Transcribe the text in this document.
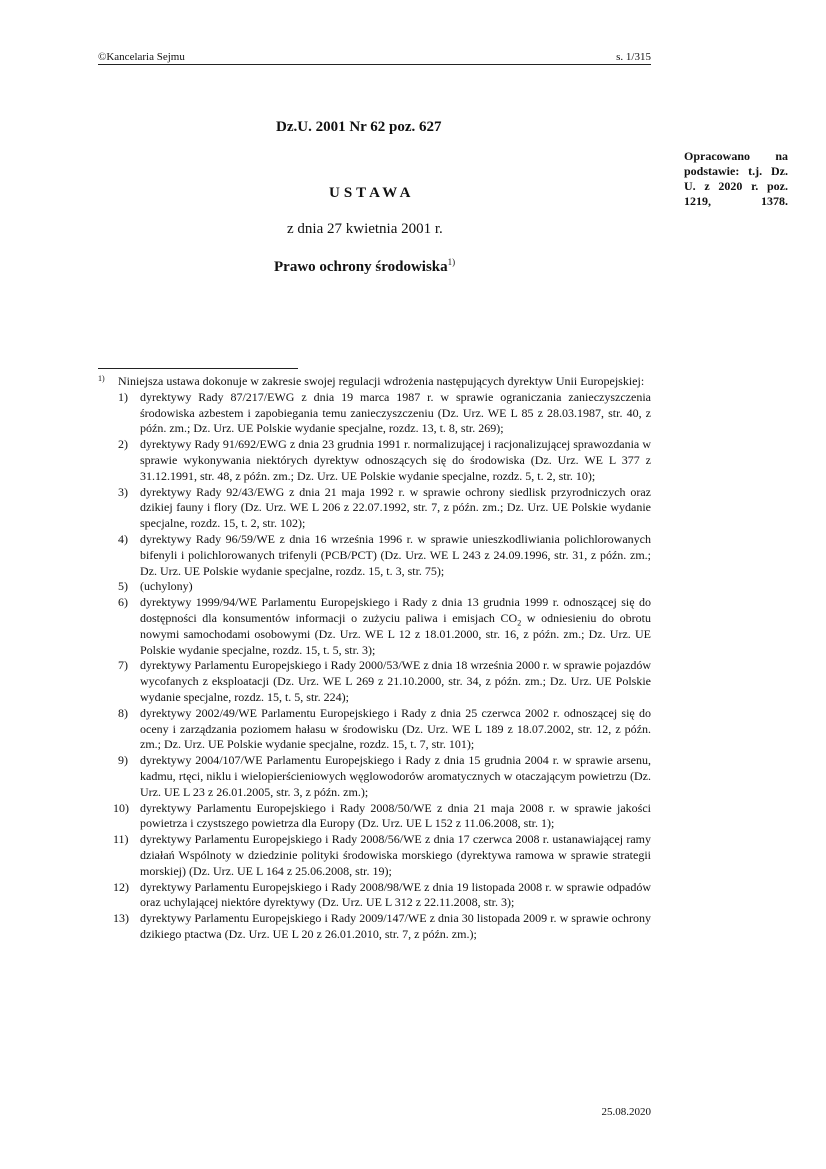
©Kancelaria Sejmu	s. 1/315
Dz.U. 2001 Nr 62 poz. 627
Opracowano na podstawie: t.j. Dz. U. z 2020 r. poz. 1219, 1378.
USTAWA
z dnia 27 kwietnia 2001 r.
Prawo ochrony środowiska$^{1)}$
1) Niniejsza ustawa dokonuje w zakresie swojej regulacji wdrożenia następujących dyrektyw Unii Europejskiej:
1) dyrektywy Rady 87/217/EWG z dnia 19 marca 1987 r. w sprawie ograniczania zanieczyszczenia środowiska azbestem i zapobiegania temu zanieczyszczeniu (Dz. Urz. WE L 85 z 28.03.1987, str. 40, z późn. zm.; Dz. Urz. UE Polskie wydanie specjalne, rozdz. 13, t. 8, str. 269);
2) dyrektywy Rady 91/692/EWG z dnia 23 grudnia 1991 r. normalizującej i racjonalizującej sprawozdania w sprawie wykonywania niektórych dyrektyw odnoszących się do środowiska (Dz. Urz. WE L 377 z 31.12.1991, str. 48, z późn. zm.; Dz. Urz. UE Polskie wydanie specjalne, rozdz. 5, t. 2, str. 10);
3) dyrektywy Rady 92/43/EWG z dnia 21 maja 1992 r. w sprawie ochrony siedlisk przyrodniczych oraz dzikiej fauny i flory (Dz. Urz. WE L 206 z 22.07.1992, str. 7, z późn. zm.; Dz. Urz. UE Polskie wydanie specjalne, rozdz. 15, t. 2, str. 102);
4) dyrektywy Rady 96/59/WE z dnia 16 września 1996 r. w sprawie unieszkodliwiania polichlorowanych bifenyli i polichlorowanych trifenyli (PCB/PCT) (Dz. Urz. WE L 243 z 24.09.1996, str. 31, z późn. zm.; Dz. Urz. UE Polskie wydanie specjalne, rozdz. 15, t. 3, str. 75);
5) (uchylony)
6) dyrektywy 1999/94/WE Parlamentu Europejskiego i Rady z dnia 13 grudnia 1999 r. odnoszącej się do dostępności dla konsumentów informacji o zużyciu paliwa i emisjach $CO_2$ w odniesieniu do obrotu nowymi samochodami osobowymi (Dz. Urz. WE L 12 z 18.01.2000, str. 16, z późn. zm.; Dz. Urz. UE Polskie wydanie specjalne, rozdz. 15, t. 5, str. 3);
7) dyrektywy Parlamentu Europejskiego i Rady 2000/53/WE z dnia 18 września 2000 r. w sprawie pojazdów wycofanych z eksploatacji (Dz. Urz. WE L 269 z 21.10.2000, str. 34, z późn. zm.; Dz. Urz. UE Polskie wydanie specjalne, rozdz. 15, t. 5, str. 224);
8) dyrektywy 2002/49/WE Parlamentu Europejskiego i Rady z dnia 25 czerwca 2002 r. odnoszącej się do oceny i zarządzania poziomem hałasu w środowisku (Dz. Urz. WE L 189 z 18.07.2002, str. 12, z późn. zm.; Dz. Urz. UE Polskie wydanie specjalne, rozdz. 15, t. 7, str. 101);
9) dyrektywy 2004/107/WE Parlamentu Europejskiego i Rady z dnia 15 grudnia 2004 r. w sprawie arsenu, kadmu, rtęci, niklu i wielopierścieniowych węglowodorów aromatycznych w otaczającym powietrzu (Dz. Urz. UE L 23 z 26.01.2005, str. 3, z późn. zm.);
10) dyrektywy Parlamentu Europejskiego i Rady 2008/50/WE z dnia 21 maja 2008 r. w sprawie jakości powietrza i czystszego powietrza dla Europy (Dz. Urz. UE L 152 z 11.06.2008, str. 1);
11) dyrektywy Parlamentu Europejskiego i Rady 2008/56/WE z dnia 17 czerwca 2008 r. ustanawiającej ramy działań Wspólnoty w dziedzinie polityki środowiska morskiego (dyrektywa ramowa w sprawie strategii morskiej) (Dz. Urz. UE L 164 z 25.06.2008, str. 19);
12) dyrektywy Parlamentu Europejskiego i Rady 2008/98/WE z dnia 19 listopada 2008 r. w sprawie odpadów oraz uchylającej niektóre dyrektywy (Dz. Urz. UE L 312 z 22.11.2008, str. 3);
13) dyrektywy Parlamentu Europejskiego i Rady 2009/147/WE z dnia 30 listopada 2009 r. w sprawie ochrony dzikiego ptactwa (Dz. Urz. UE L 20 z 26.01.2010, str. 7, z późn. zm.);
25.08.2020
